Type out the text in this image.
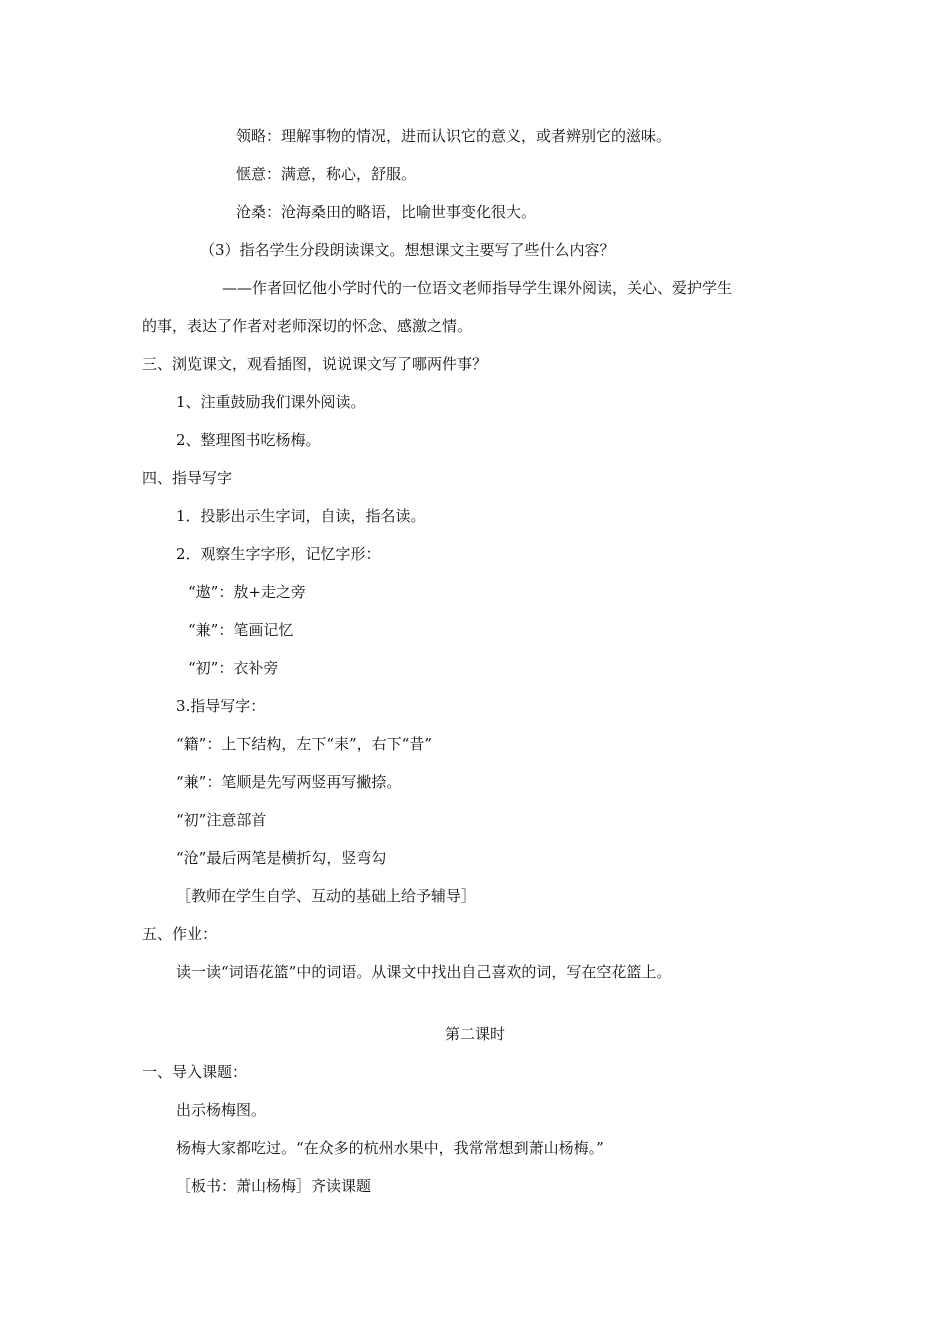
领略：理解事物的情况，进而认识它的意义，或者辨别它的滋味。
惬意：满意，称心，舒服。
沧桑：沧海桑田的略语，比喻世事变化很大。
（3）指名学生分段朗读课文。想想课文主要写了些什么内容？
——作者回忆他小学时代的一位语文老师指导学生课外阅读，关心、爱护学生
的事，表达了作者对老师深切的怀念、感激之情。
三、浏览课文，观看插图，说说课文写了哪两件事？
1、注重鼓励我们课外阅读。
2、整理图书吃杨梅。
四、指导写字
1．投影出示生字词，自读，指名读。
2．观察生字字形，记忆字形：
“遨”：敖+走之旁
“兼”：笔画记忆
“初”：衣补旁
3.指导写字：
“籍”：上下结构，左下“耒”，右下“昔”
“兼”：笔顺是先写两竖再写撇捺。
“初”注意部首
“沧”最后两笔是横折勾，竖弯勾
［教师在学生自学、互动的基础上给予辅导］
五、作业：
读一读“词语花篮”中的词语。从课文中找出自己喜欢的词，写在空花篮上。
第二课时
一、导入课题：
出示杨梅图。
杨梅大家都吃过。“在众多的杭州水果中，我常常想到萧山杨梅。”
［板书：萧山杨梅］齐读课题
